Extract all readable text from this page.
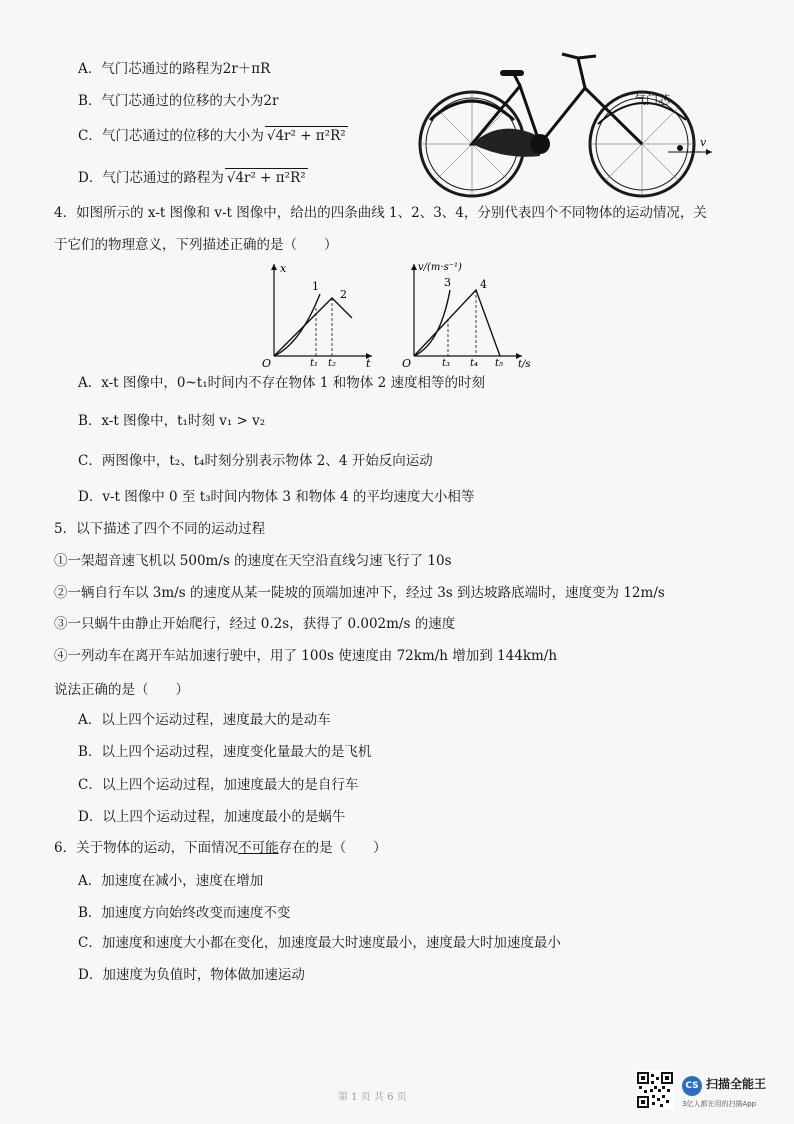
A．气门芯通过的路程为2r＋πR
B．气门芯通过的位移的大小为2r
C．气门芯通过的位移的大小为 √4r² + π²R²
D．气门芯通过的路程为 √4r² + π²R²
气门芯
v
4．如图所示的 x-t 图像和 v-t 图像中，给出的四条曲线 1、2、3、4，分别代表四个不同物体的运动情况，关
于它们的物理意义，下列描述正确的是（　　）
x
t
O
1
2
t₁ t₂
v/(m·s⁻¹)
t/s
O
3	4
t₃ t₄ t₅
A．x-t 图像中，0~t₁时间内不存在物体 1 和物体 2 速度相等的时刻
B．x-t 图像中，t₁时刻 v₁ > v₂
C．两图像中，t₂、t₄时刻分别表示物体 2、4 开始反向运动
D．v-t 图像中 0 至 t₃时间内物体 3 和物体 4 的平均速度大小相等
5．以下描述了四个不同的运动过程
①一架超音速飞机以 500m/s 的速度在天空沿直线匀速飞行了 10s
②一辆自行车以 3m/s 的速度从某一陡坡的顶端加速冲下，经过 3s 到达坡路底端时，速度变为 12m/s
③一只蜗牛由静止开始爬行，经过 0.2s，获得了 0.002m/s 的速度
④一列动车在离开车站加速行驶中，用了 100s 使速度由 72km/h 增加到 144km/h
说法正确的是（　　）
A．以上四个运动过程，速度最大的是动车
B．以上四个运动过程，速度变化量最大的是飞机
C．以上四个运动过程，加速度最大的是自行车
D．以上四个运动过程，加速度最小的是蜗牛
6．关于物体的运动，下面情况不可能存在的是（　　）
A．加速度在减小，速度在增加
B．加速度方向始终改变而速度不变
C．加速度和速度大小都在变化，加速度最大时速度最小，速度最大时加速度最小
D．加速度为负值时，物体做加速运动
第 1 页 共 6 页
CS 扫描全能王
3亿人都在用的扫描App
